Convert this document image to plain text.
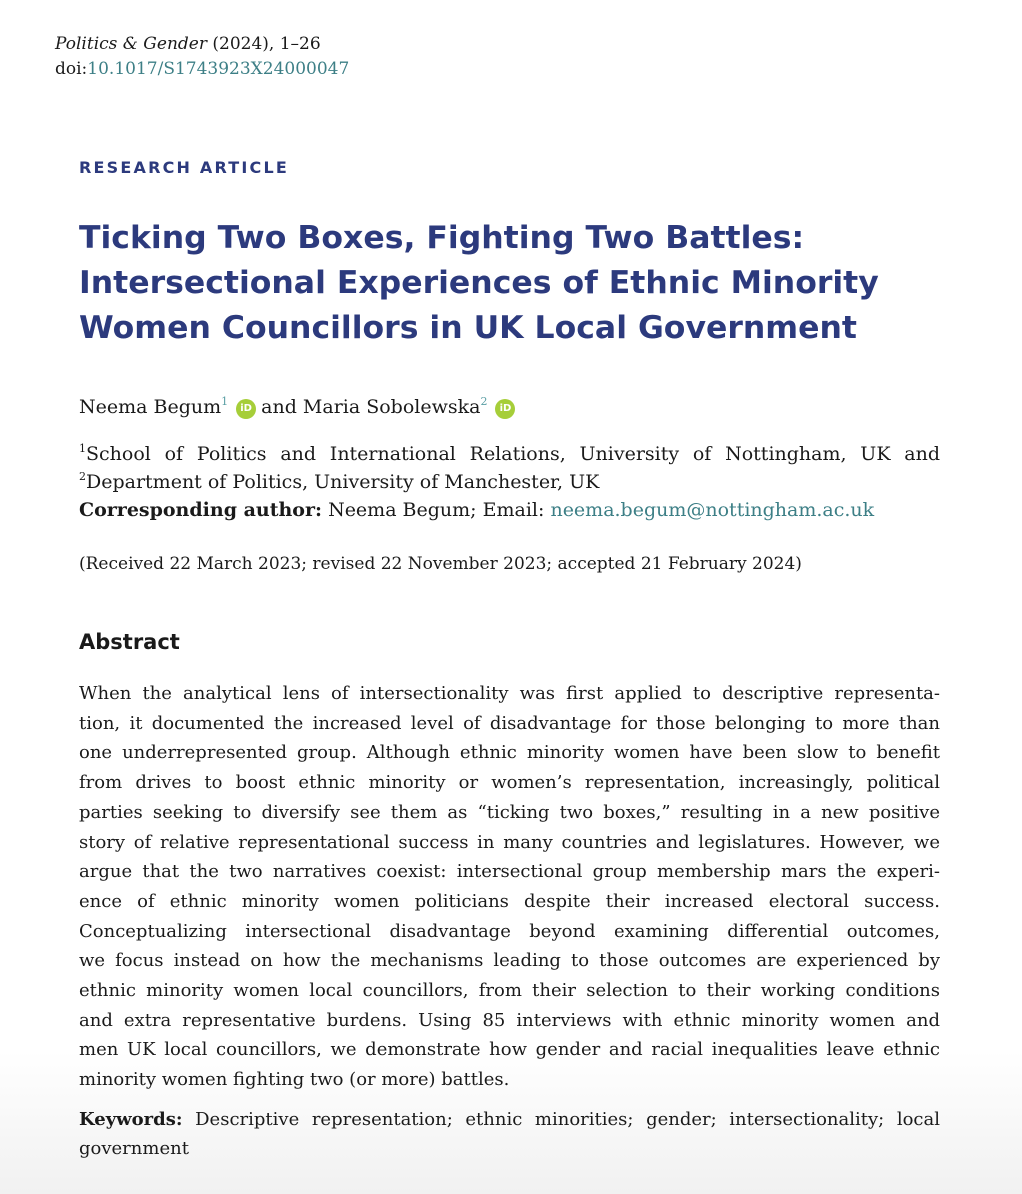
Politics & Gender (2024), 1–26
doi:10.1017/S1743923X24000047
RESEARCH ARTICLE
Ticking Two Boxes, Fighting Two Battles:
Intersectional Experiences of Ethnic Minority
Women Councillors in UK Local Government
Neema Begum$^1$iD and Maria Sobolewska$^2$iD
$^1$School of Politics and International Relations, University of Nottingham, UK and
$^2$Department of Politics, University of Manchester, UK
Corresponding author: Neema Begum; Email: neema.begum@nottingham.ac.uk
(Received 22 March 2023; revised 22 November 2023; accepted 21 February 2024)
Abstract
When the analytical lens of intersectionality was first applied to descriptive representa-
tion, it documented the increased level of disadvantage for those belonging to more than
one underrepresented group. Although ethnic minority women have been slow to benefit
from drives to boost ethnic minority or women’s representation, increasingly, political
parties seeking to diversify see them as “ticking two boxes,” resulting in a new positive
story of relative representational success in many countries and legislatures. However, we
argue that the two narratives coexist: intersectional group membership mars the experi-
ence of ethnic minority women politicians despite their increased electoral success.
Conceptualizing intersectional disadvantage beyond examining differential outcomes,
we focus instead on how the mechanisms leading to those outcomes are experienced by
ethnic minority women local councillors, from their selection to their working conditions
and extra representative burdens. Using 85 interviews with ethnic minority women and
men UK local councillors, we demonstrate how gender and racial inequalities leave ethnic
minority women fighting two (or more) battles.
Keywords: Descriptive representation; ethnic minorities; gender; intersectionality; local
government
